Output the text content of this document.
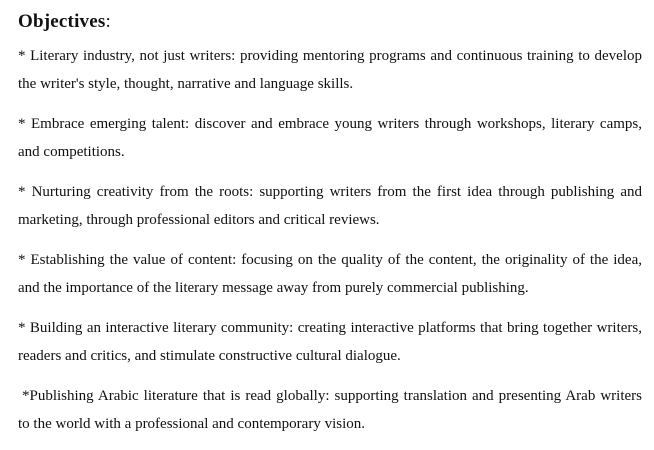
Objectives:

* Literary industry, not just writers: providing mentoring programs and continuous training to develop the writer's style, thought, narrative and language skills.

* Embrace emerging talent: discover and embrace young writers through workshops, literary camps, and competitions.

* Nurturing creativity from the roots: supporting writers from the first idea through publishing and marketing, through professional editors and critical reviews.

* Establishing the value of content: focusing on the quality of the content, the originality of the idea, and the importance of the literary message away from purely commercial publishing.

* Building an interactive literary community: creating interactive platforms that bring together writers, readers and critics, and stimulate constructive cultural dialogue.

*Publishing Arabic literature that is read globally: supporting translation and presenting Arab writers to the world with a professional and contemporary vision.
